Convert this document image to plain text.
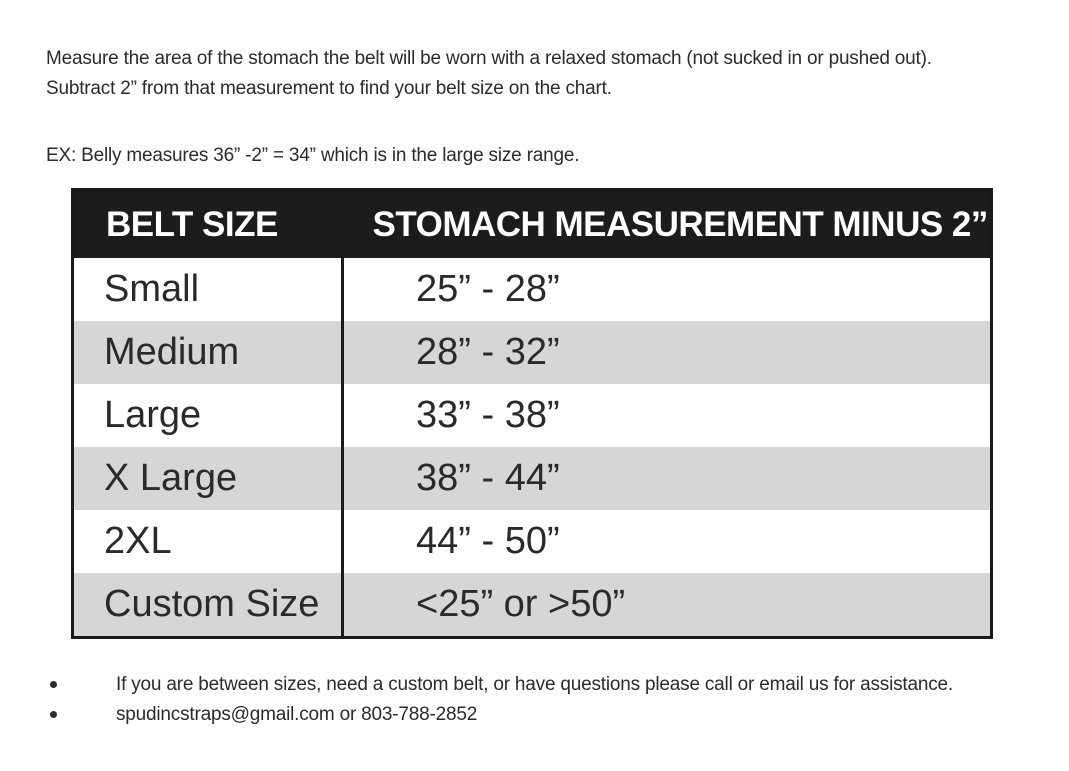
Measure the area of the stomach the belt will be worn with a relaxed stomach (not sucked in or pushed out).

Subtract 2” from that measurement to find your belt size on the chart.

EX: Belly measures 36” -2” = 34” which is in the large size range.
BELT SIZE	STOMACH MEASUREMENT MINUS 2”
Small	25” - 28”
Medium	28” - 32”
Large	33” - 38”
X Large	38” - 44”
2XL	44” - 50”
Custom Size	<25” or >50”
If you are between sizes, need a custom belt, or have questions please call or email us for assistance.
spudincstraps@gmail.com or 803-788-2852
